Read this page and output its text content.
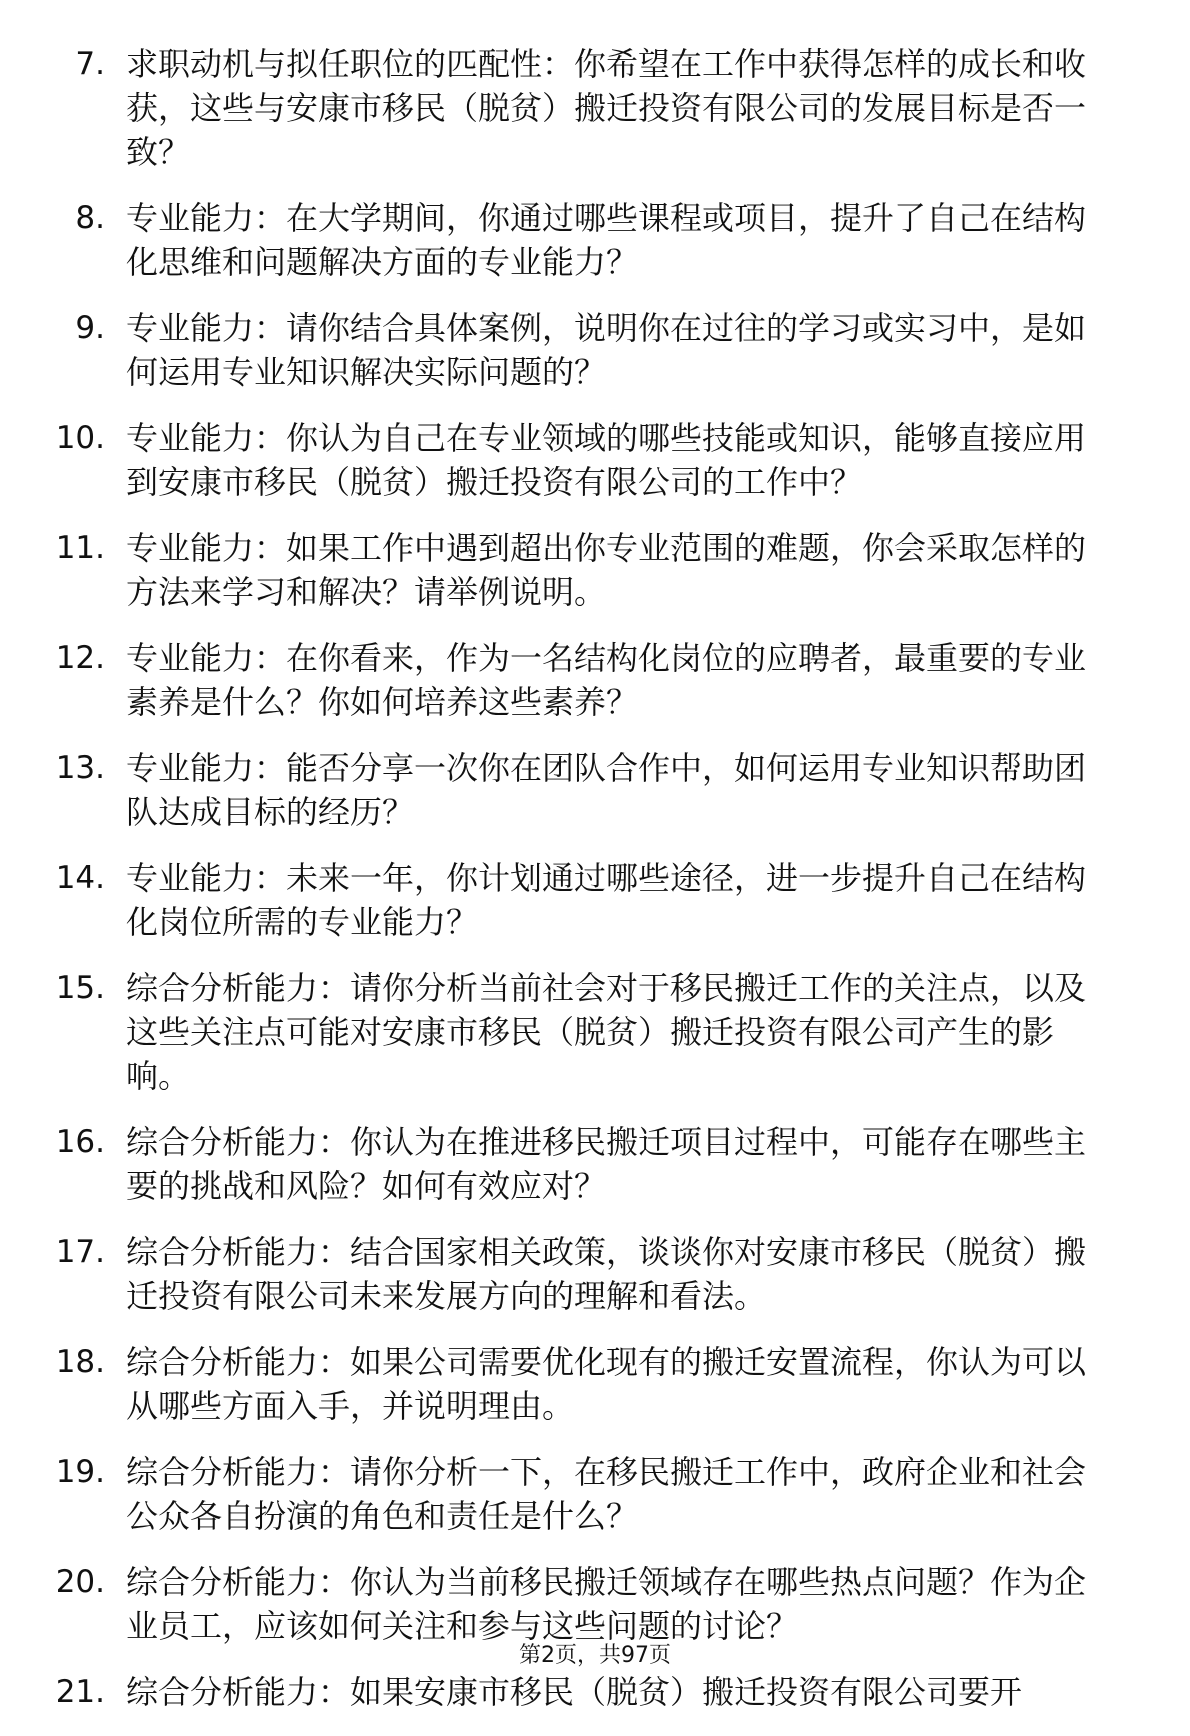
7. 求职动机与拟任职位的匹配性：你希望在工作中获得怎样的成长和收获，这些与安康市移民（脱贫）搬迁投资有限公司的发展目标是否一致？
8. 专业能力：在大学期间，你通过哪些课程或项目，提升了自己在结构化思维和问题解决方面的专业能力？
9. 专业能力：请你结合具体案例，说明你在过往的学习或实习中，是如何运用专业知识解决实际问题的？
10. 专业能力：你认为自己在专业领域的哪些技能或知识，能够直接应用到安康市移民（脱贫）搬迁投资有限公司的工作中？
11. 专业能力：如果工作中遇到超出你专业范围的难题，你会采取怎样的方法来学习和解决？请举例说明。
12. 专业能力：在你看来，作为一名结构化岗位的应聘者，最重要的专业素养是什么？你如何培养这些素养？
13. 专业能力：能否分享一次你在团队合作中，如何运用专业知识帮助团队达成目标的经历？
14. 专业能力：未来一年，你计划通过哪些途径，进一步提升自己在结构化岗位所需的专业能力？
15. 综合分析能力：请你分析当前社会对于移民搬迁工作的关注点，以及这些关注点可能对安康市移民（脱贫）搬迁投资有限公司产生的影响。
16. 综合分析能力：你认为在推进移民搬迁项目过程中，可能存在哪些主要的挑战和风险？如何有效应对？
17. 综合分析能力：结合国家相关政策，谈谈你对安康市移民（脱贫）搬迁投资有限公司未来发展方向的理解和看法。
18. 综合分析能力：如果公司需要优化现有的搬迁安置流程，你认为可以从哪些方面入手，并说明理由。
19. 综合分析能力：请你分析一下，在移民搬迁工作中，政府企业和社会公众各自扮演的角色和责任是什么？
20. 综合分析能力：你认为当前移民搬迁领域存在哪些热点问题？作为企业员工，应该如何关注和参与这些问题的讨论？
21. 综合分析能力：如果安康市移民（脱贫）搬迁投资有限公司要开
第2页，共97页
